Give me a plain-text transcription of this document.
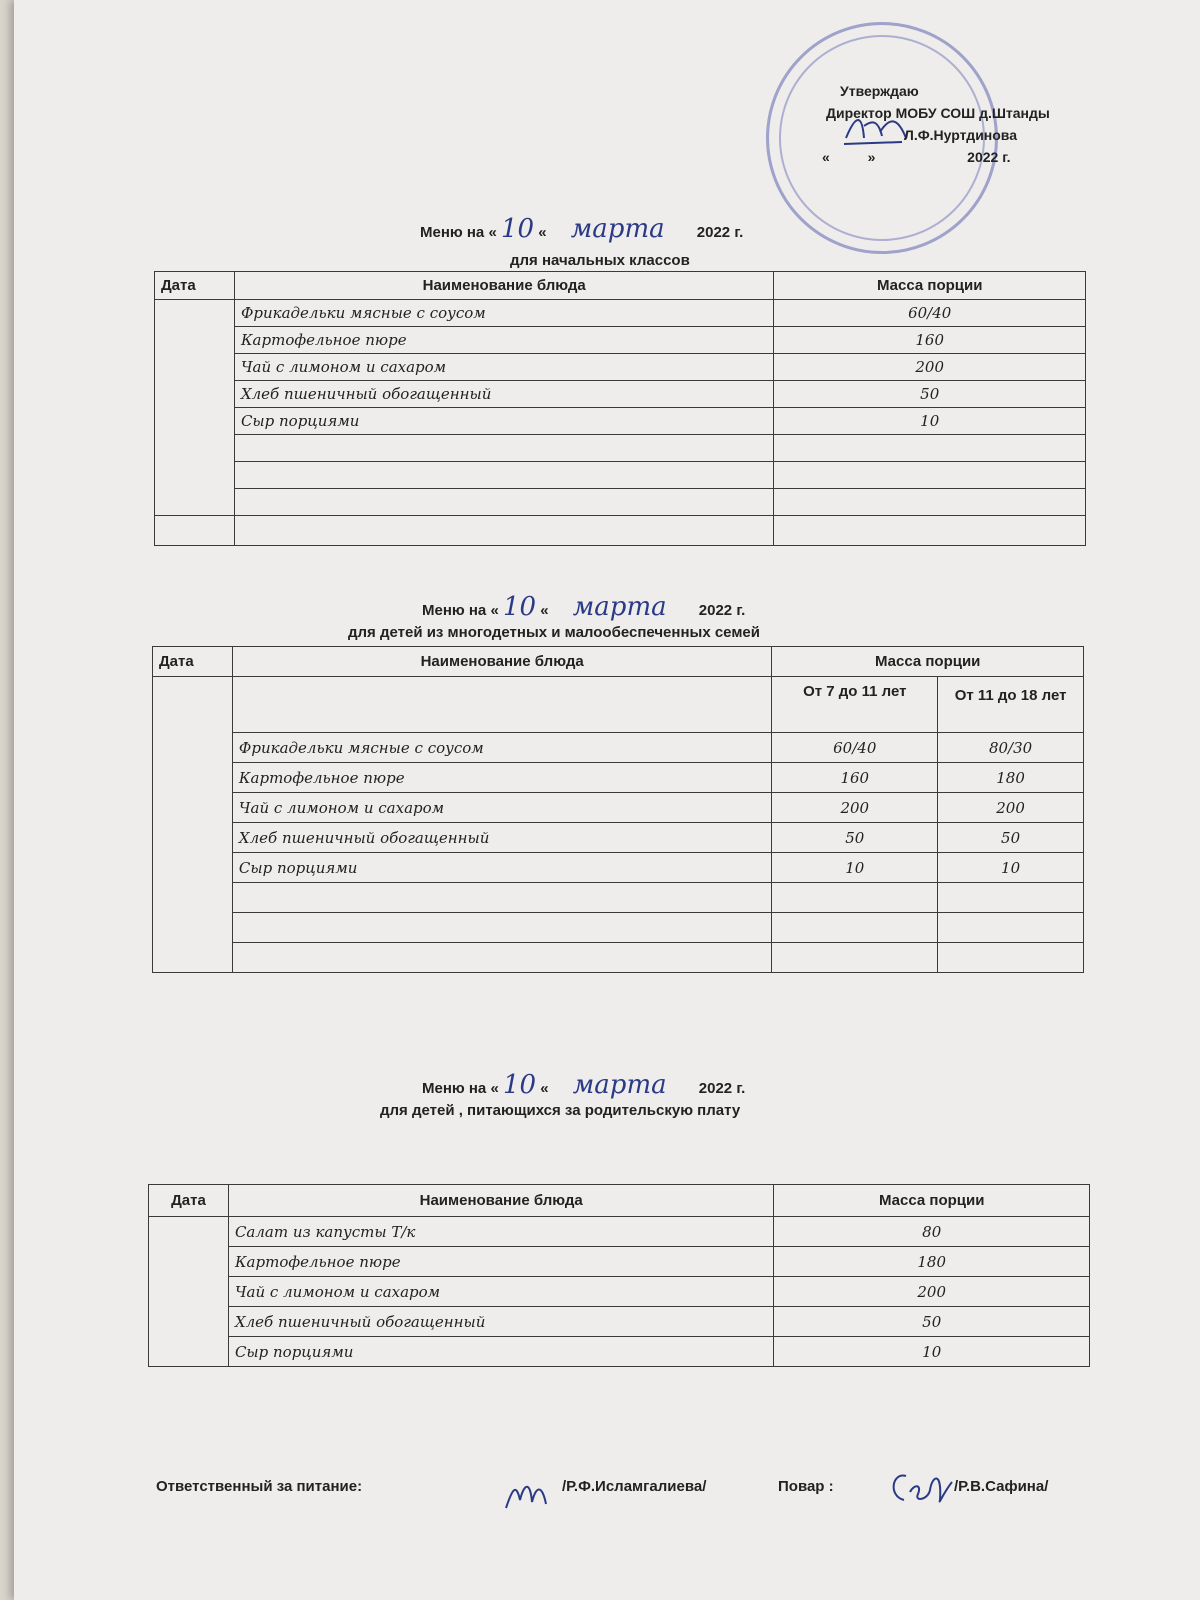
Утверждаю
Директор МОБУ СОШ д.Штанды
Л.Ф.Нуртдинова
«	»	2022 г.
Меню на « 10 « марта 2022 г.
для начальных классов
Дата	Наименование блюда	Масса порции
	Фрикадельки мясные с соусом	60/40
	Картофельное пюре	160
	Чай с лимоном и сахаром	200
	Хлеб пшеничный обогащенный	50
	Сыр порциями	10

Меню на « 10 « марта 2022 г.
для детей из многодетных и малообеспеченных семей
Дата	Наименование блюда	Масса порции	
		От 7 до 11 лет	От 11 до 18 лет
	Фрикадельки мясные с соусом	60/40	80/30
	Картофельное пюре	160	180
	Чай с лимоном и сахаром	200	200
	Хлеб пшеничный обогащенный	50	50
	Сыр порциями	10	10

Меню на « 10 « марта 2022 г.
для детей , питающихся за родительскую плату
Дата	Наименование блюда	Масса порции
	Салат из капусты Т/к	80
	Картофельное пюре	180
	Чай с лимоном и сахаром	200
	Хлеб пшеничный обогащенный	50
	Сыр порциями	10
Ответственный за питание:	/Р.Ф.Исламгалиева/	Повар :	/Р.В.Сафина/
